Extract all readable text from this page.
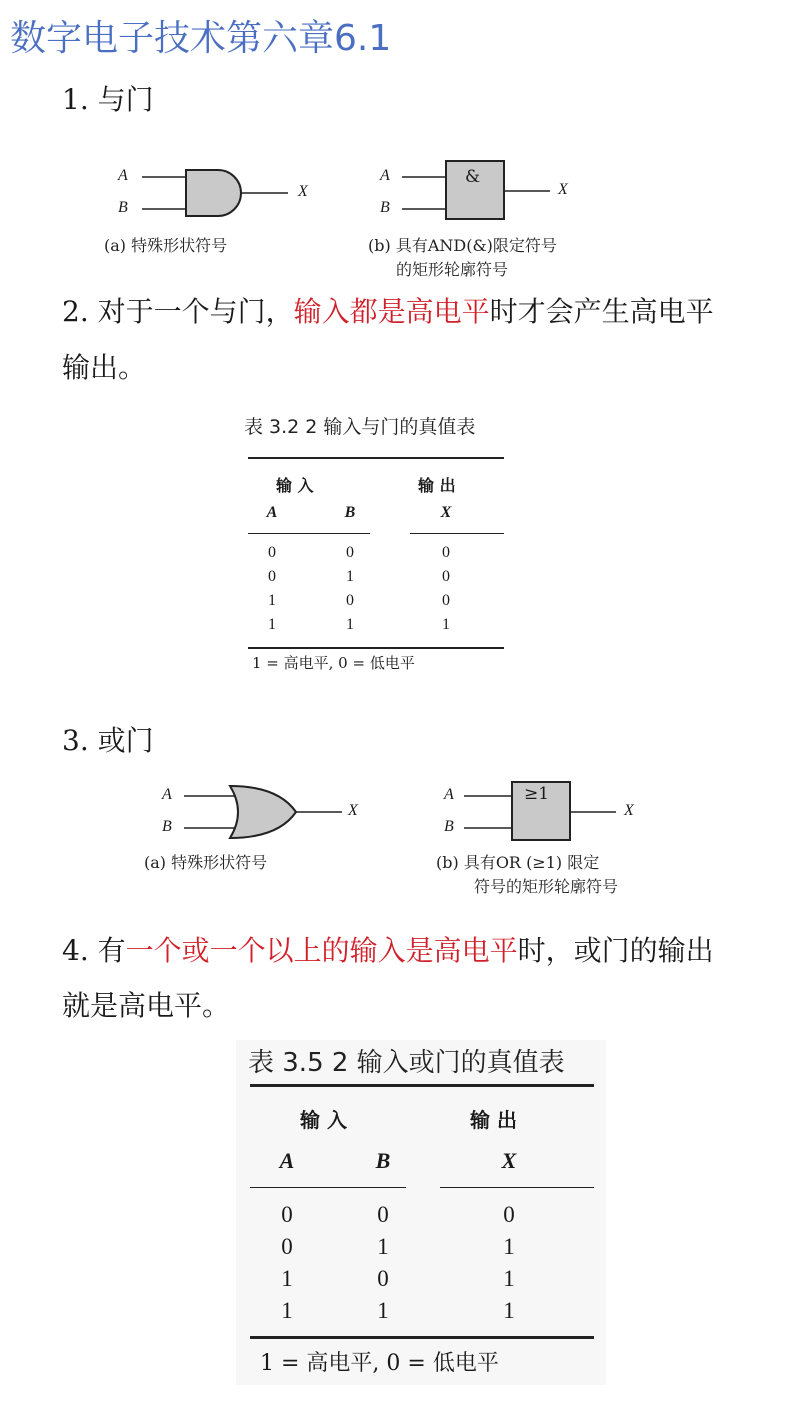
数字电子技术第六章6.1
1. 与门
A
B
X
A
B
X
&
(a) 特殊形状符号	(b) 具有AND(&)限定符号
的矩形轮廓符号
2. 对于一个与门，输入都是高电平时才会产生高电平
输出。
表 3.2 2 输入与门的真值表
输 入	输 出
A	B	X
0	0	0
0	1	0
1	0	0
1	1	1
1 = 高电平, 0 = 低电平
3. 或门
A
B
X
A
B
X
≥1
(a) 特殊形状符号	(b) 具有OR (≥1) 限定
符号的矩形轮廓符号
4. 有一个或一个以上的输入是高电平时，或门的输出
就是高电平。
表 3.5 2 输入或门的真值表
输 入	输 出
A	B	X
0	0	0
0	1	1
1	0	1
1	1	1
1 = 高电平, 0 = 低电平
